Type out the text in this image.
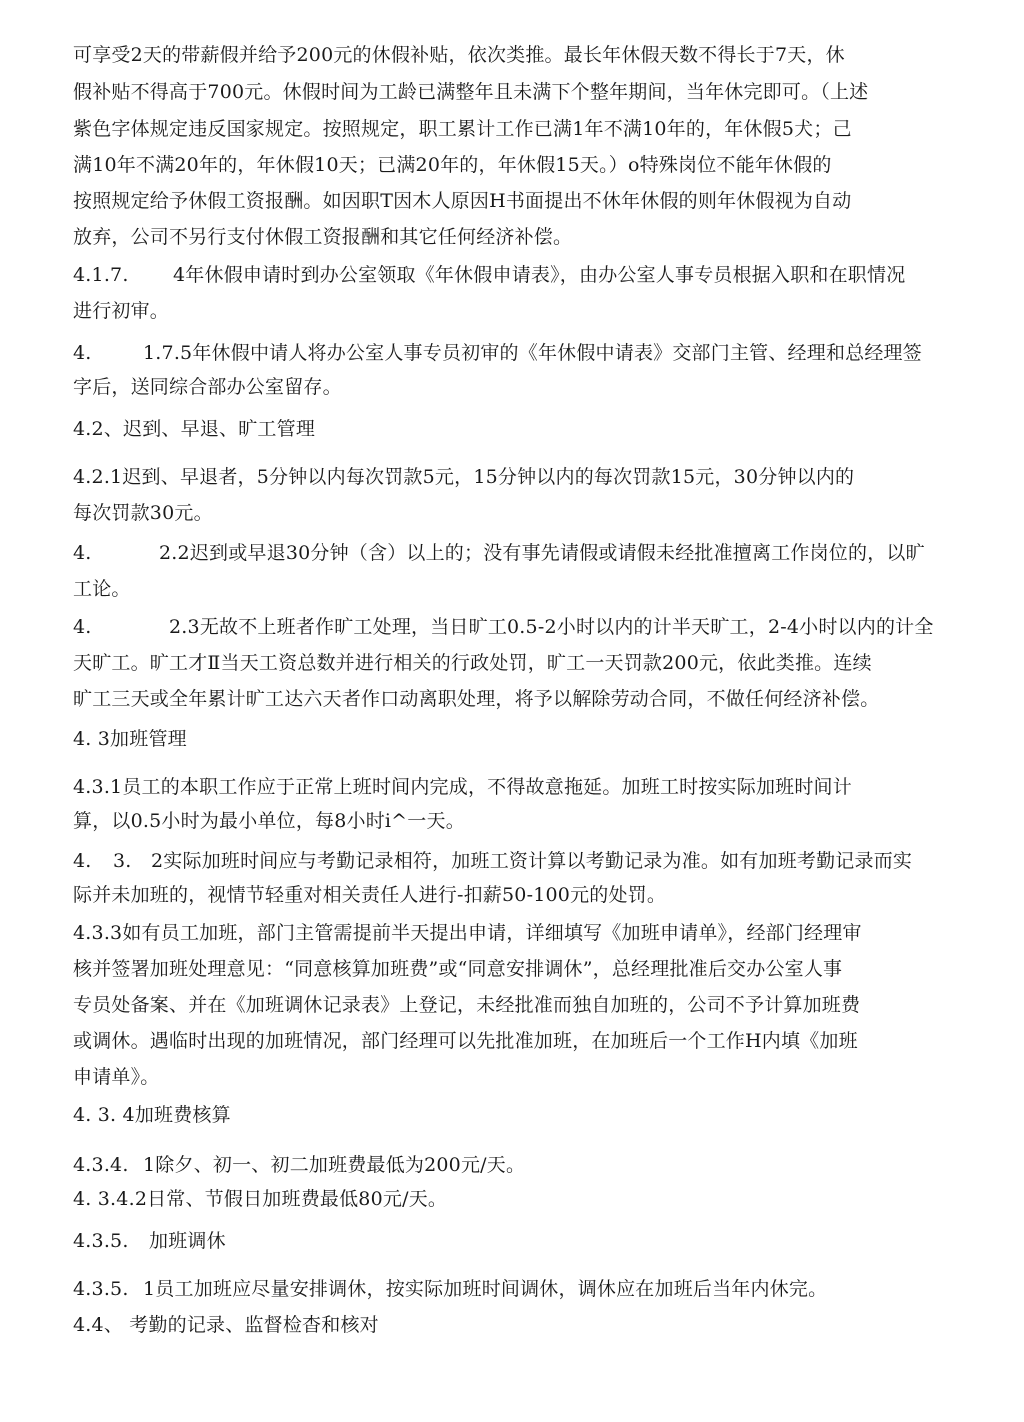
可享受2天的带薪假并给予200元的休假补贴，依次类推。最长年休假天数不得长于7天，休
假补贴不得高于700元。休假时间为工龄已满整年且未满下个整年期间，当年休完即可。（上述
紫色字体规定违反国家规定。按照规定，职工累计工作已满1年不满10年的，年休假5犬；己
满10年不满20年的，年休假10天；已满20年的，年休假15天。）o特殊岗位不能年休假的
按照规定给予休假工资报酬。如因职T因木人原因H书面提出不休年休假的则年休假视为自动
放弃，公司不另行支付休假工资报酬和其它任何经济补偿。
4.1.7. 4年休假申请时到办公室领取《年休假申请表》，由办公室人事专员根据入职和在职情况
进行初审。
4.	1.7.5年休假中请人将办公室人事专员初审的《年休假中请表》交部门主管、经理和总经理签
字后，送同综合部办公室留存。
4.2、迟到、早退、旷工管理
4.2.1迟到、早退者，5分钟以内每次罚款5元，15分钟以内的每次罚款15元，30分钟以内的
每次罚款30元。
4.	2.2迟到或早退30分钟（含）以上的；没有事先请假或请假未经批准擅离工作岗位的，以旷
工论。
4.	2.3无故不上班者作旷工处理，当日旷工0.5-2小时以内的计半天旷工，2-4小时以内的计全
天旷工。旷工才Ⅱ当天工资总数并进行相关的行政处罚，旷工一天罚款200元，依此类推。连续
旷工三天或全年累计旷工达六天者作口动离职处理，将予以解除劳动合同，不做任何经济补偿。
4. 3加班管理
4.3.1员工的本职工作应于正常上班时间内完成，不得故意拖延。加班工时按实际加班时间计
算，以0.5小时为最小单位，每8小时i^一天。
4. 3. 2实际加班时间应与考勤记录相符，加班工资计算以考勤记录为准。如有加班考勤记录而实
际并未加班的，视情节轻重对相关责任人进行-扣薪50-100元的处罚。
4.3.3如有员工加班，部门主管需提前半天提出申请，详细填写《加班申请单》，经部门经理审
核并签署加班处理意见：“同意核算加班费”或“同意安排调休”，总经理批准后交办公室人事
专员处备案、并在《加班调休记录表》上登记，未经批准而独自加班的，公司不予计算加班费
或调休。遇临时出现的加班情况，部门经理可以先批准加班，在加班后一个工作H内填《加班
申请单》。
4. 3. 4加班费核算
4.3.4. 1除夕、初一、初二加班费最低为200元/天。
4. 3.4.2日常、节假日加班费最低80元/天。
4.3.5. 加班调休
4.3.5. 1员工加班应尽量安排调休，按实际加班时间调休，调休应在加班后当年内休完。
4.4、 考勤的记录、监督检杳和核对
